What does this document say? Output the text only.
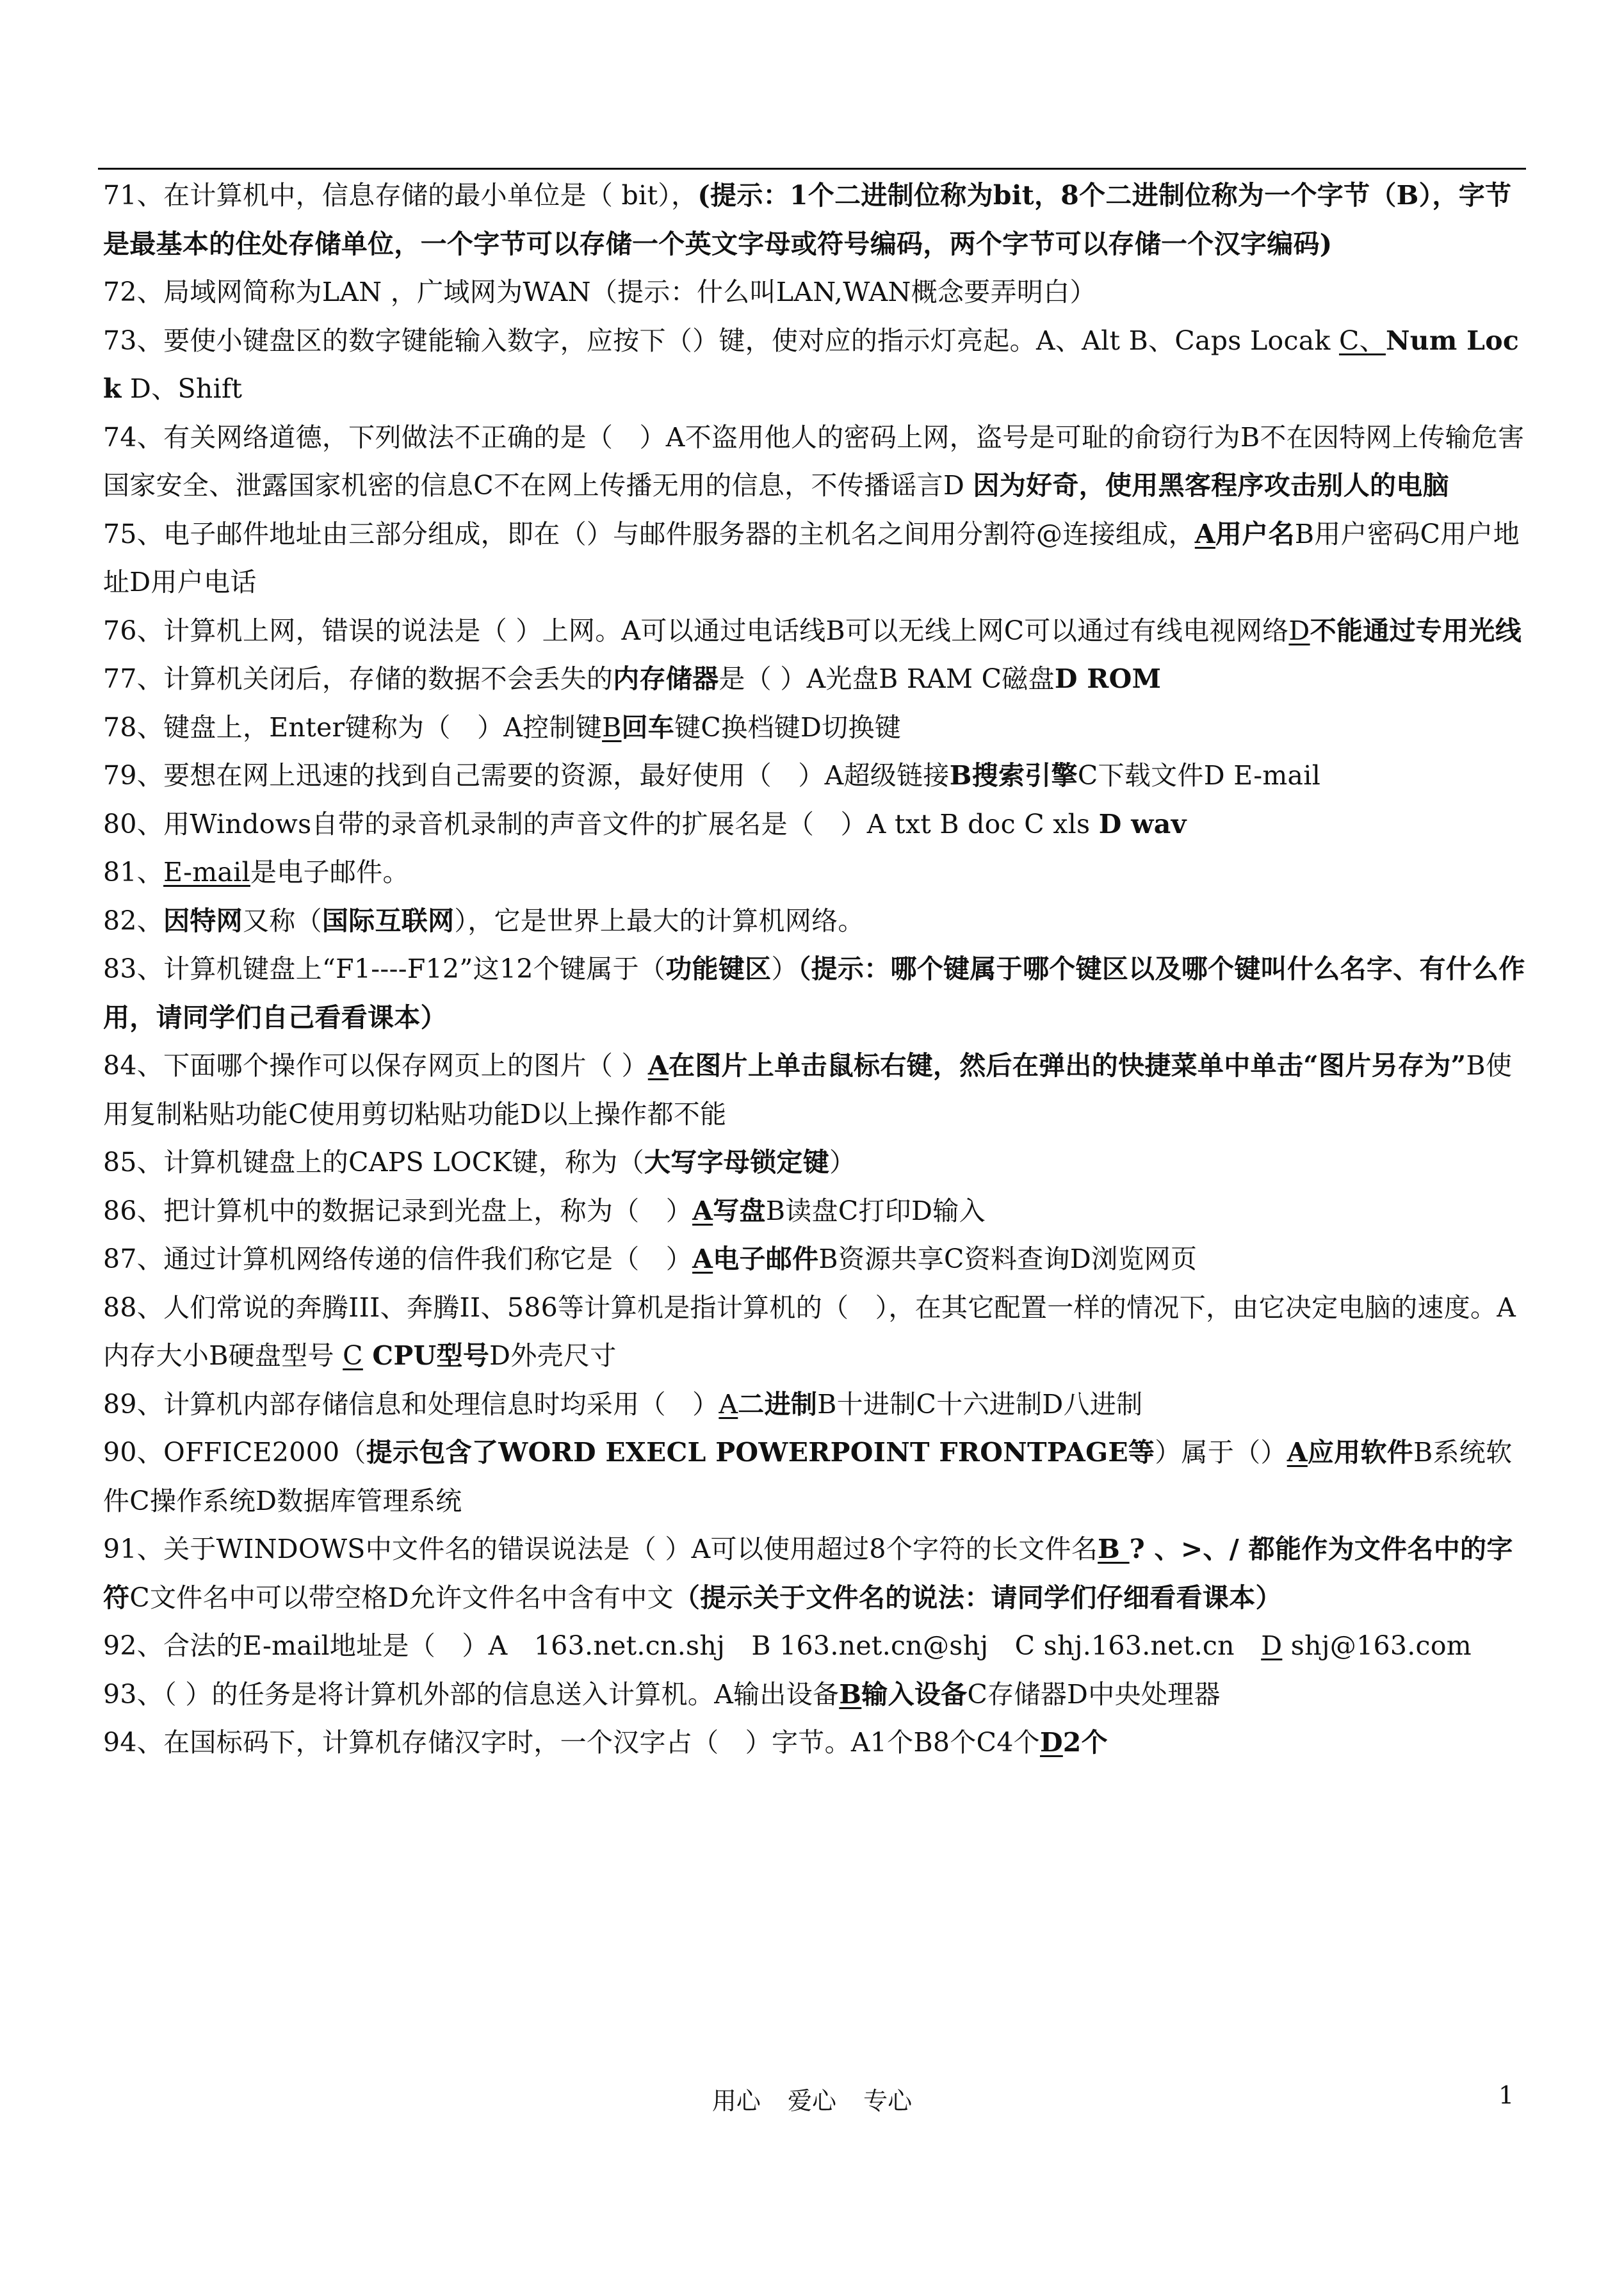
71、在计算机中，信息存储的最小单位是（ bit），(提示：1个二进制位称为bit，8个二进制位称为一个字节（B），字节是最基本的住处存储单位，一个字节可以存储一个英文字母或符号编码，两个字节可以存储一个汉字编码)

72、局域网简称为LAN ，广域网为WAN（提示：什么叫LAN,WAN概念要弄明白）

73、要使小键盘区的数字键能输入数字，应按下（）键，使对应的指示灯亮起。A、Alt B、Caps Locak C、Num Lock D、Shift

74、有关网络道德，下列做法不正确的是（　）A不盗用他人的密码上网，盗号是可耻的俞窃行为B不在因特网上传输危害国家安全、泄露国家机密的信息C不在网上传播无用的信息，不传播谣言D 因为好奇，使用黑客程序攻击别人的电脑

75、电子邮件地址由三部分组成，即在（）与邮件服务器的主机名之间用分割符@连接组成，A用户名B用户密码C用户地址D用户电话

76、计算机上网，错误的说法是（ ）上网。A可以通过电话线B可以无线上网C可以通过有线电视网络D不能通过专用光线

77、计算机关闭后，存储的数据不会丢失的内存储器是（ ）A光盘B RAM C磁盘D ROM

78、键盘上，Enter键称为（　）A控制键B回车键C换档键D切换键

79、要想在网上迅速的找到自己需要的资源，最好使用（　）A超级链接B搜索引擎C下载文件D E-mail

80、用Windows自带的录音机录制的声音文件的扩展名是（　）A txt B doc C xls D wav

81、E-mail是电子邮件。

82、因特网又称（国际互联网），它是世界上最大的计算机网络。

83、计算机键盘上“F1----F12”这12个键属于（功能键区）（提示：哪个键属于哪个键区以及哪个键叫什么名字、有什么作用，请同学们自己看看课本）

84、下面哪个操作可以保存网页上的图片（ ）A在图片上单击鼠标右键，然后在弹出的快捷菜单中单击“图片另存为”B使用复制粘贴功能C使用剪切粘贴功能D以上操作都不能

85、计算机键盘上的CAPS LOCK键，称为（大写字母锁定键）

86、把计算机中的数据记录到光盘上，称为（　）A写盘B读盘C打印D输入

87、通过计算机网络传递的信件我们称它是（　）A电子邮件B资源共享C资料查询D浏览网页

88、人们常说的奔腾III、奔腾II、586等计算机是指计算机的（　），在其它配置一样的情况下，由它决定电脑的速度。A内存大小B硬盘型号 C CPU型号D外壳尺寸

89、计算机内部存储信息和处理信息时均采用（　）A二进制B十进制C十六进制D八进制

90、OFFICE2000（提示包含了WORD EXECL POWERPOINT FRONTPAGE等）属于（）A应用软件B系统软件C操作系统D数据库管理系统

91、关于WINDOWS中文件名的错误说法是（ ）A可以使用超过8个字符的长文件名B ? 、>、/ 都能作为文件名中的字符C文件名中可以带空格D允许文件名中含有中文（提示关于文件名的说法：请同学们仔细看看课本）

92、合法的E-mail地址是（　）A　163.net.cn.shj　B 163.net.cn@shj　C shj.163.net.cn　D shj@163.com

93、（ ）的任务是将计算机外部的信息送入计算机。A输出设备B输入设备C存储器D中央处理器

94、在国标码下，计算机存储汉字时，一个汉字占（　）字节。A1个B8个C4个D2个

用心 爱心 专心	1
